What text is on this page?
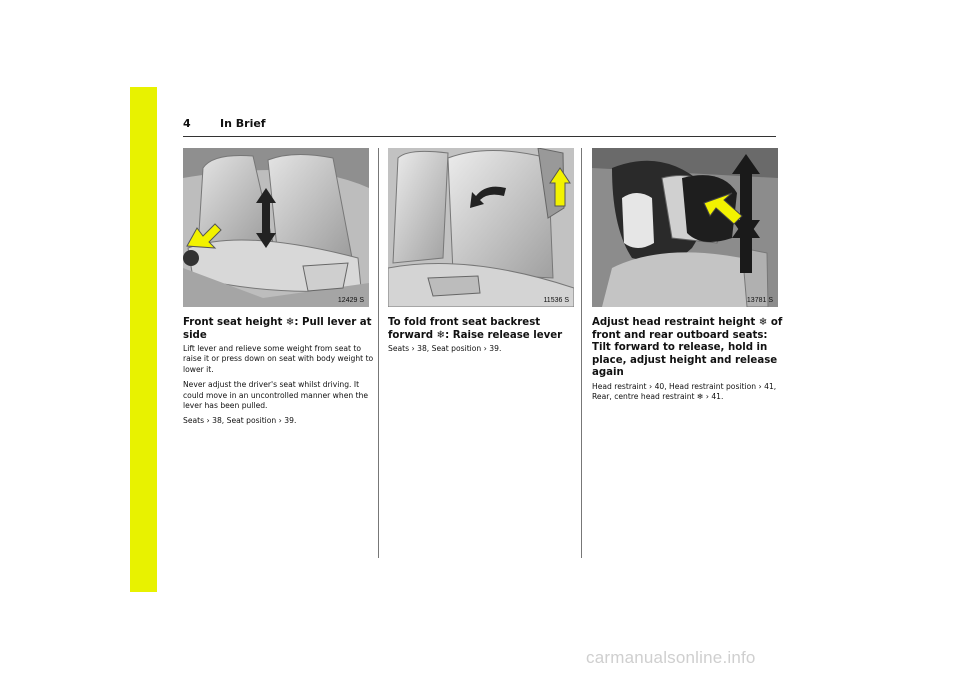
4	In Brief
12429 S	11536 S	13781 S
Front seat height ❄: Pull lever at side

Lift lever and relieve some weight from seat to raise it or press down on seat with body weight to lower it.

Never adjust the driver's seat whilst driving. It could move in an uncontrolled manner when the lever has been pulled.

Seats › 38, Seat position › 39.

To fold front seat backrest forward ❄: Raise release lever

Seats › 38, Seat position › 39.

Adjust head restraint height ❄ of front and rear outboard seats: Tilt forward to release, hold in place, adjust height and release again

Head restraint › 40, Head restraint position › 41, Rear, centre head restraint ❄ › 41.

carmanualsonline.info
